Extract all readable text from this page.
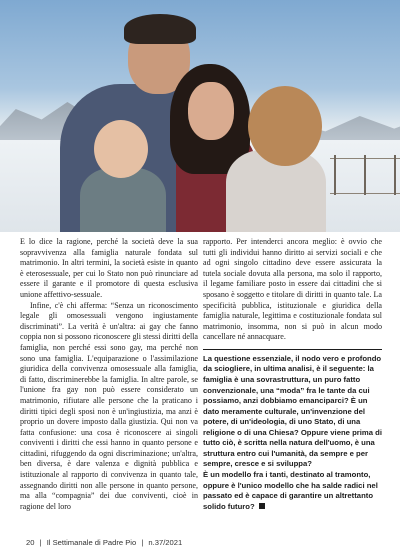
E lo dice la ragione, perché la società deve la sua sopravvivenza alla famiglia naturale fondata sul matrimonio. In altri termini, la società esiste in quanto è eterosessuale, per cui lo Stato non può rinunciare ad essere il garante e il promotore di questa esclusiva unione affettivo-sessuale.

Infine, c'è chi afferma: “Senza un riconoscimento legale gli omosessuali vengono ingiustamente discriminati”. La verità è un'altra: ai gay che fanno coppia non si possono riconoscere gli stessi diritti della famiglia, non perché essi sono gay, ma perché non sono una famiglia. L'equiparazione o l'assimilazione giuridica della convivenza omosessuale alla famiglia, di fatto, discriminerebbe la famiglia. In altre parole, se l'unione fra gay non può essere considerato un matrimonio, rifiutare alle persone che la praticano i diritti tipici degli sposi non è un'ingiustizia, ma anzi è proprio un dovere imposto dalla giustizia. Qui non va fatta confusione: una cosa è riconoscere ai singoli conviventi i diritti che essi hanno in quanto persone e cittadini, rifuggendo da ogni discriminazione; un'altra, ben diversa, è dare valenza e dignità pubblica e istituzionale al rapporto di convivenza in quanto tale, assegnando diritti non alle persone in quanto persone, ma alla “compagnia” dei due conviventi, cioè in ragione del loro

rapporto. Per intenderci ancora meglio: è ovvio che tutti gli individui hanno diritto ai servizi sociali e che ad ogni singolo cittadino deve essere assicurata la tutela sociale dovuta alla persona, ma solo il rapporto, il legame familiare posto in essere dai cittadini che si sposano è soggetto e titolare di diritti in quanto tale. La specificità pubblica, istituzionale e giuridica della famiglia naturale, legittima e costituzionale fondata sul matrimonio, insomma, non si può in alcun modo cancellare né annacquare.

La questione essenziale, il nodo vero e profondo da sciogliere, in ultima analisi, è il seguente: la famiglia è una sovrastruttura, un puro fatto convenzionale, una “moda” fra le tante da cui possiamo, anzi dobbiamo emanciparci? È un dato meramente culturale, un'invenzione del potere, di un'ideologia, di uno Stato, di una religione o di una Chiesa? Oppure viene prima di tutto ciò, è scritta nella natura dell'uomo, è una struttura entro cui l'umanità, da sempre e per sempre, cresce e si sviluppa?
È un modello fra i tanti, destinato al tramonto, oppure è l'unico modello che ha salde radici nel passato ed è capace di garantire un altrettanto solido futuro?
20 | Il Settimanale di Padre Pio | n.37/2021
